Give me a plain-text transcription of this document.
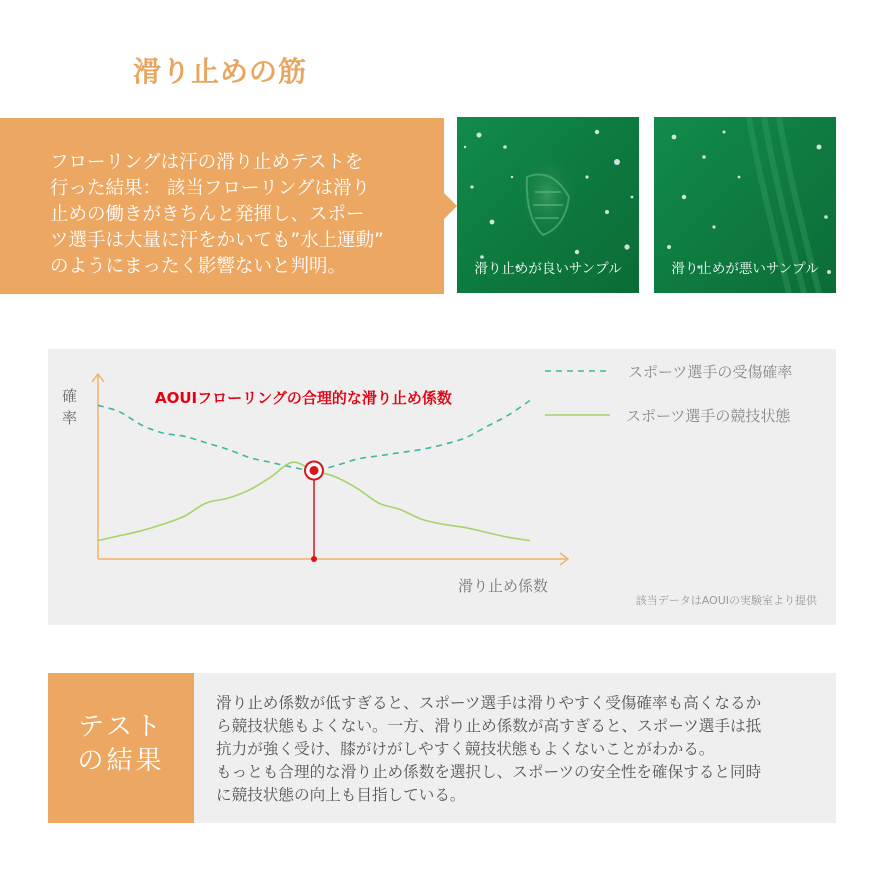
滑り止めの筋
フローリングは汗の滑り止めテストを
行った結果： 該当フローリングは滑り
止めの働きがきちんと発揮し、スポー
ツ選手は大量に汗をかいても”水上運動”
のようにまったく影響ないと判明。	滑り止めが良いサンプル	滑り止めが悪いサンプル
確
率
滑り止め係数
AOUIフローリングの合理的な滑り止め係数
スポーツ選手の受傷確率
スポーツ選手の競技状態
該当データはAOUIの実験室より提供
テスト
の結果
滑り止め係数が低すぎると、スポーツ選手は滑りやすく受傷確率も高くなるか
ら競技状態もよくない。一方、滑り止め係数が高すぎると、スポーツ選手は抵
抗力が強く受け、膝がけがしやすく競技状態もよくないことがわかる。
もっとも合理的な滑り止め係数を選択し、スポーツの安全性を確保すると同時
に競技状態の向上も目指している。
